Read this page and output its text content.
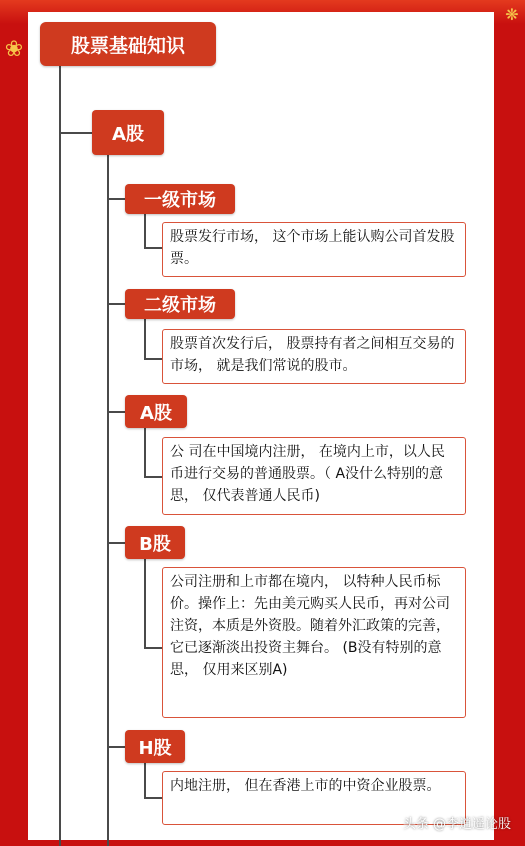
❀
❋
股票基础知识
A股
一级市场
股票发行市场， 这个市场上能认购公司首发股票。
二级市场
股票首次发行后， 股票持有者之间相互交易的市场， 就是我们常说的股市。
A股
公 司在中国境内注册， 在境内上市，以人民币进行交易的普通股票。（ A没什么特别的意思， 仅代表普通人民币)
B股
公司注册和上市都在境内， 以特种人民币标价。操作上：先由美元购买人民币，再对公司注资，本质是外资股。随着外汇政策的完善，它已逐渐淡出投资主舞台。 (B没有特别的意思， 仅用来区别A)
H股
内地注册， 但在香港上市的中资企业股票。
头条 @李逍遥论股
